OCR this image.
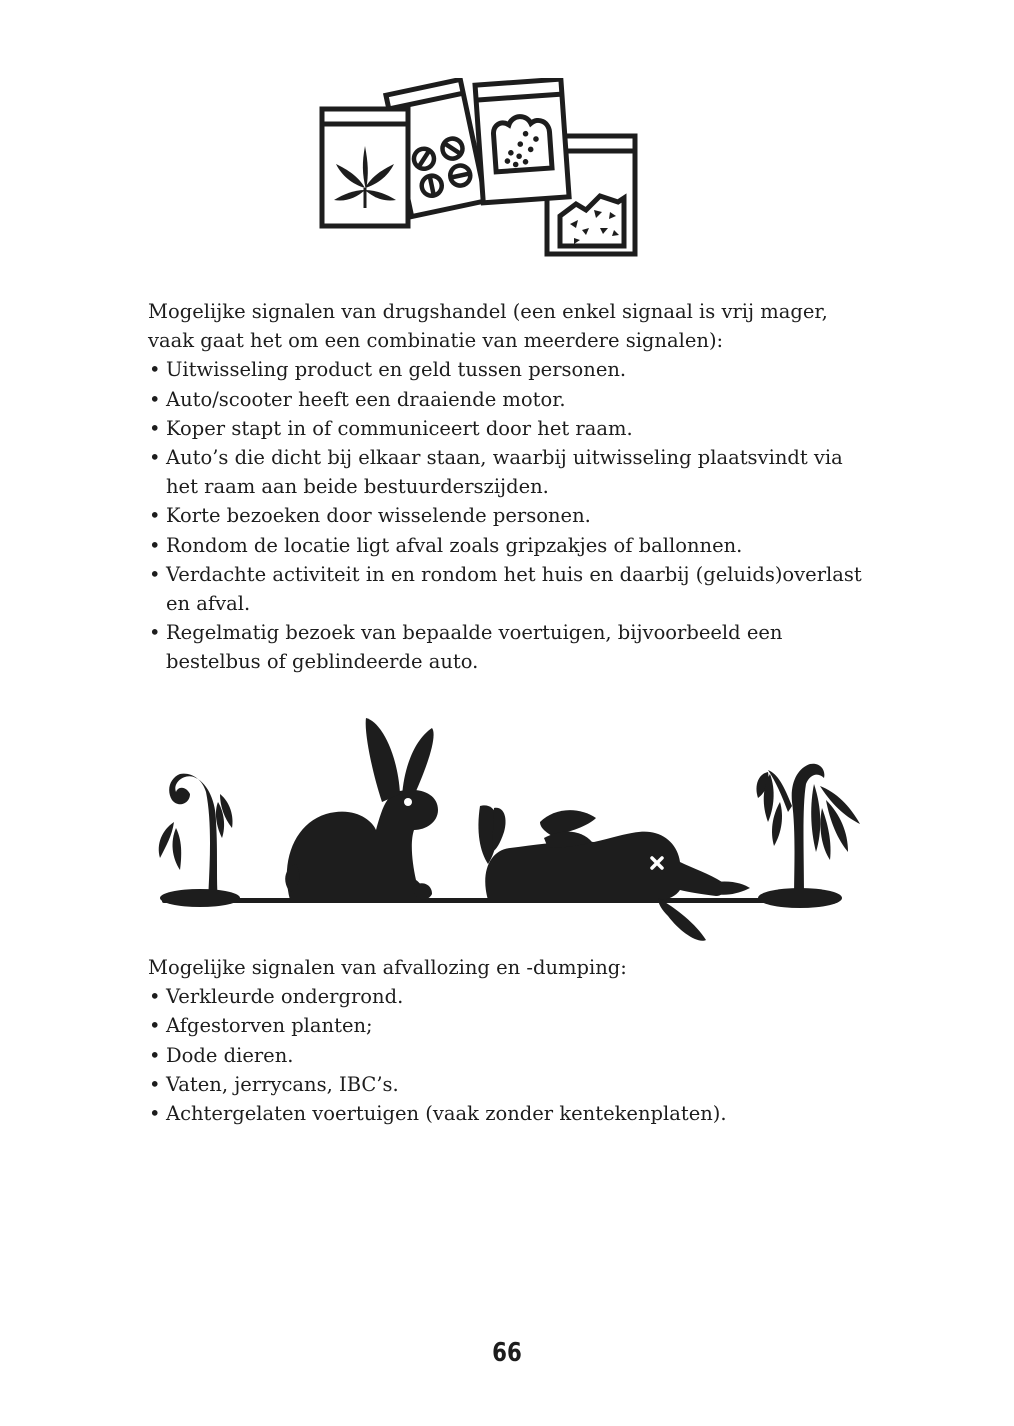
Mogelijke signalen van drugshandel (een enkel signaal is vrij mager, vaak gaat het om een combinatie van meerdere signalen):

• Uitwisseling product en geld tussen personen.
• Auto/scooter heeft een draaiende motor.
• Koper stapt in of communiceert door het raam.
• Auto’s die dicht bij elkaar staan, waarbij uitwisseling plaatsvindt via het raam aan beide bestuurderszijden.
• Korte bezoeken door wisselende personen.
• Rondom de locatie ligt afval zoals gripzakjes of ballonnen.
• Verdachte activiteit in en rondom het huis en daarbij (geluids)overlast en afval.
• Regelmatig bezoek van bepaalde voertuigen, bijvoorbeeld een bestelbus of geblindeerde auto.

Mogelijke signalen van afvallozing en -dumping:

• Verkleurde ondergrond.
• Afgestorven planten;
• Dode dieren.
• Vaten, jerrycans, IBC’s.
• Achtergelaten voertuigen (vaak zonder kentekenplaten).
66
